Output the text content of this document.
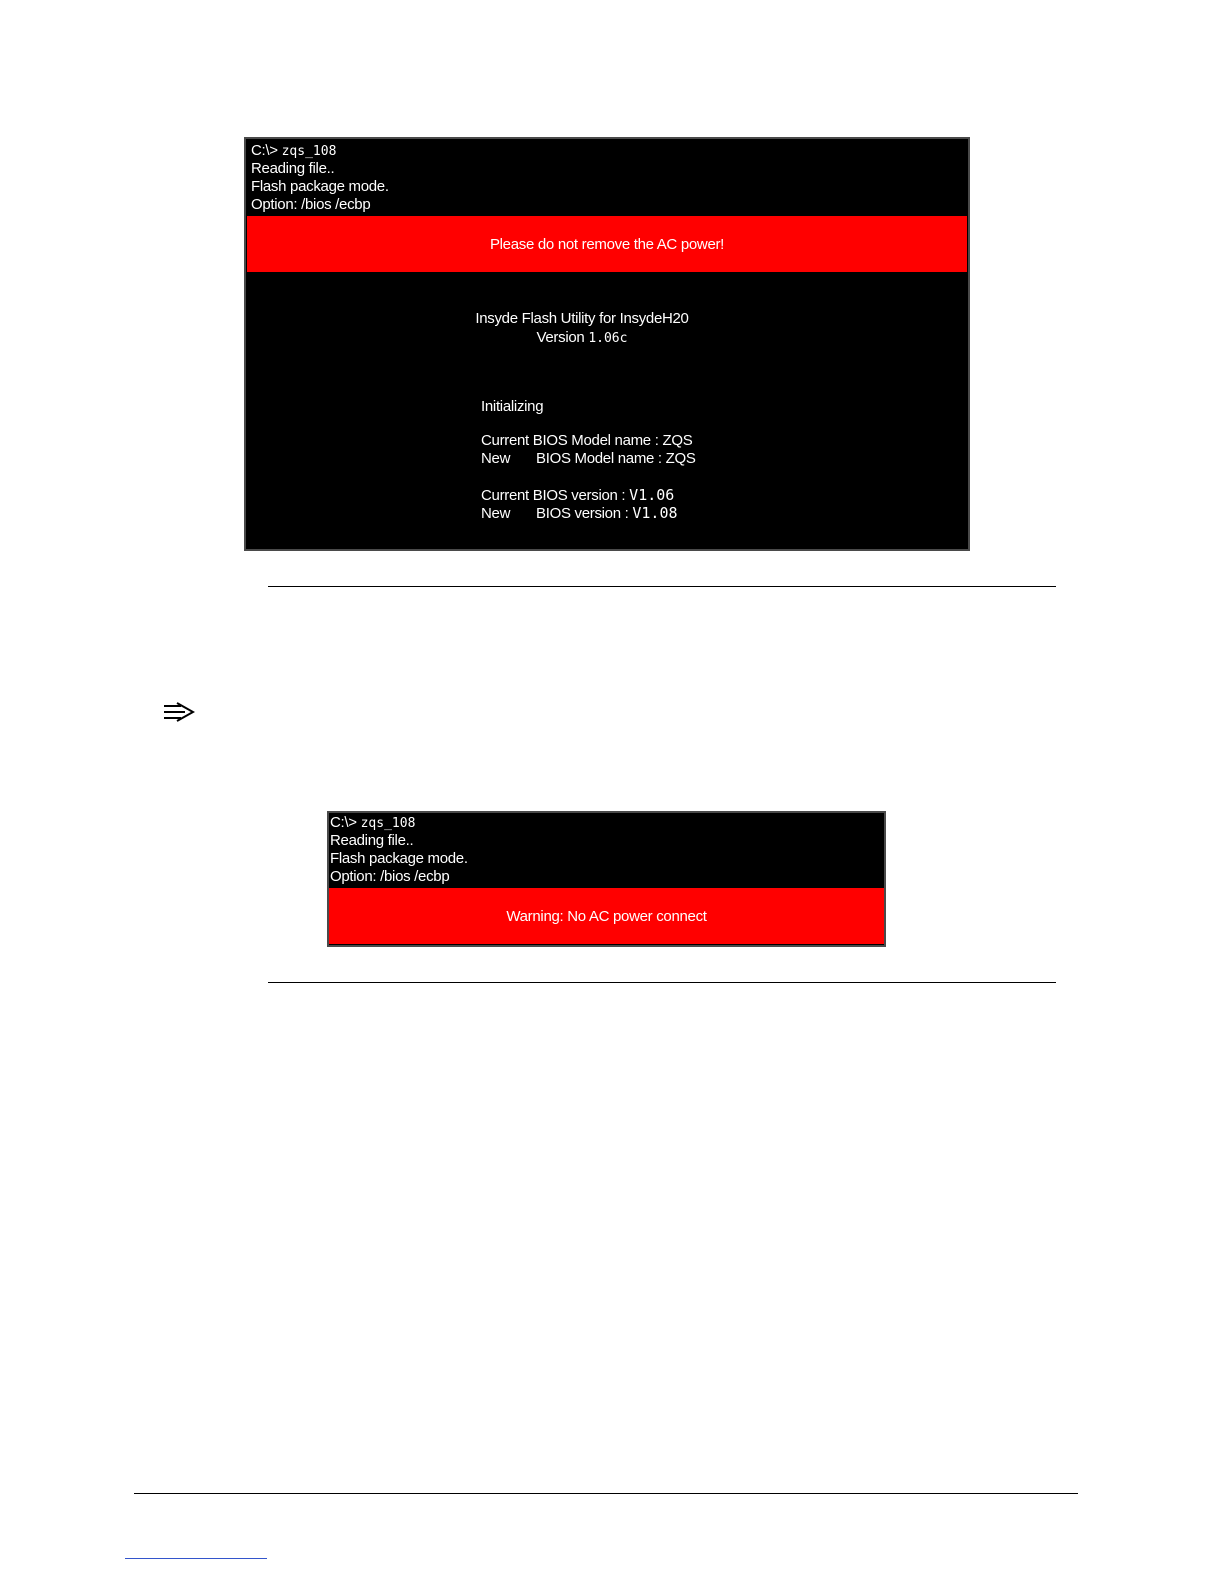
C:\> zqs_108
Reading file..
Flash package mode.
Option: /bios /ecbp
Please do not remove the AC power!
Insyde Flash Utility for InsydeH20
Version 1.06c
Initializing
Current BIOS Model name : ZQS
New BIOS Model name : ZQS
Current BIOS version : V1.06
New BIOS version : V1.08
C:\> zqs_108
Reading file..
Flash package mode.
Option: /bios /ecbp
Warning: No AC power connect
